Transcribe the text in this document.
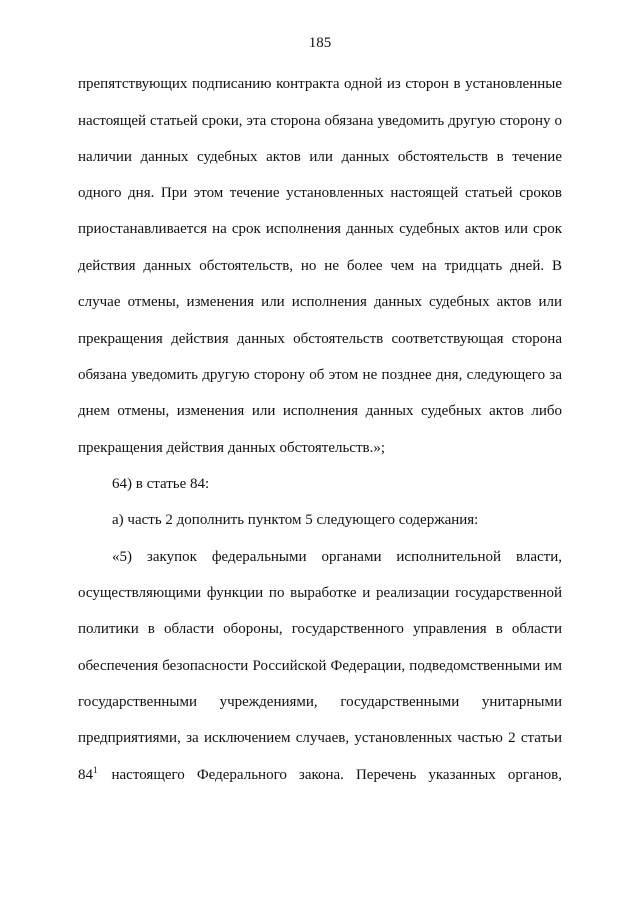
185
препятствующих подписанию контракта одной из сторон в установленные
настоящей статьей сроки, эта сторона обязана уведомить другую сторону о
наличии данных судебных актов или данных обстоятельств в течение
одного дня. При этом течение установленных настоящей статьей сроков
приостанавливается на срок исполнения данных судебных актов или срок
действия данных обстоятельств, но не более чем на тридцать дней. В
случае отмены, изменения или исполнения данных судебных актов или
прекращения действия данных обстоятельств соответствующая сторона
обязана уведомить другую сторону об этом не позднее дня, следующего за
днем отмены, изменения или исполнения данных судебных актов либо
прекращения действия данных обстоятельств.»;
64) в статье 84:
а) часть 2 дополнить пунктом 5 следующего содержания:
«5) закупок федеральными органами исполнительной власти,
осуществляющими функции по выработке и реализации государственной
политики в области обороны, государственного управления в области
обеспечения безопасности Российской Федерации, подведомственными им
государственными учреждениями, государственными унитарными
предприятиями, за исключением случаев, установленных частью 2 статьи
$84^1$ настоящего Федерального закона. Перечень указанных органов,
